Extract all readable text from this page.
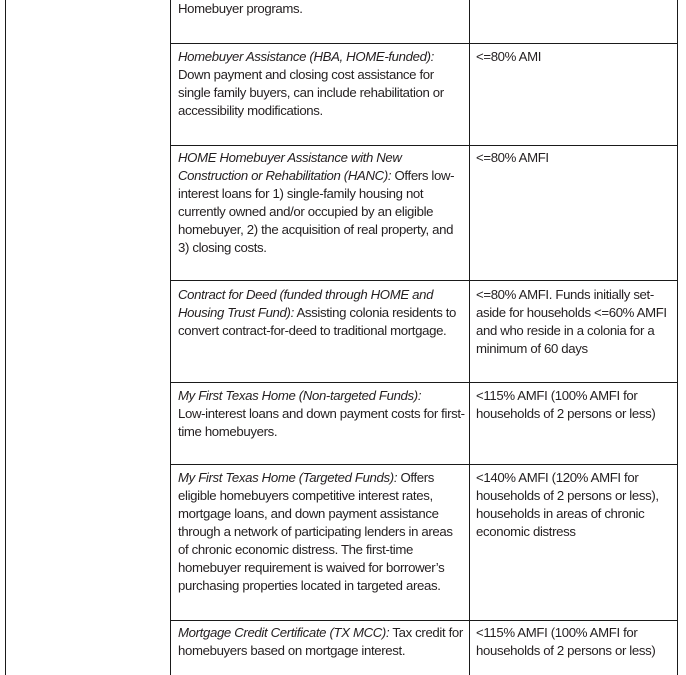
Homebuyer programs.
Homebuyer Assistance (HBA, HOME-funded):
Down payment and closing cost assistance for single family buyers, can include rehabilitation or accessibility modifications.
<=80% AMI
HOME Homebuyer Assistance with New Construction or Rehabilitation (HANC): Offers low-interest loans for 1) single-family housing not currently owned and/or occupied by an eligible homebuyer, 2) the acquisition of real property, and 3) closing costs.
<=80% AMFI
Contract for Deed (funded through HOME and Housing Trust Fund): Assisting colonia residents to convert contract-for-deed to traditional mortgage.
<=80% AMFI. Funds initially set-aside for households <=60% AMFI and who reside in a colonia for a minimum of 60 days
My First Texas Home (Non-targeted Funds):
Low-interest loans and down payment costs for first-time homebuyers.
<115% AMFI (100% AMFI for households of 2 persons or less)
My First Texas Home (Targeted Funds): Offers eligible homebuyers competitive interest rates, mortgage loans, and down payment assistance through a network of participating lenders in areas of chronic economic distress. The first-time homebuyer requirement is waived for borrower’s purchasing properties located in targeted areas.
<140% AMFI (120% AMFI for households of 2 persons or less), households in areas of chronic economic distress
Mortgage Credit Certificate (TX MCC): Tax credit for homebuyers based on mortgage interest.
<115% AMFI (100% AMFI for households of 2 persons or less)
